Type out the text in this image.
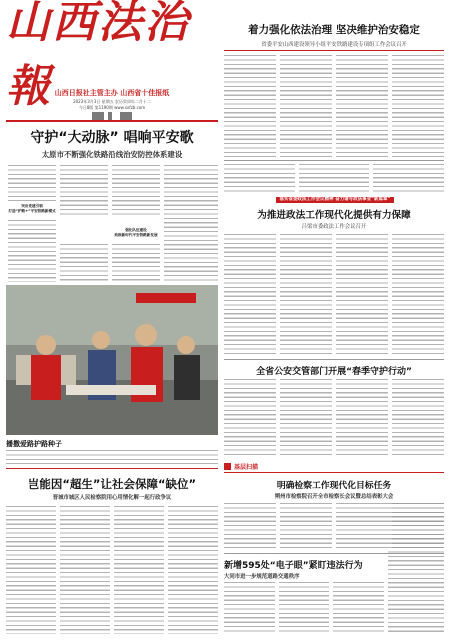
山西法治報 山西日报社主管主办 山西省十佳报纸
2023年3月3日 星期五 农历癸卯年二月十二
今日8版 第1190期 www.sxfzb.com
着力强化依法治理 坚决维护治安稳定
省委平安山西建设领导小组平安铁路建设专项组工作会议召开
守护“大动脉” 唱响平安歌
太原市不断强化铁路沿线治安防控体系建设
突出党建引领
打造“护路+”平安铁路新模式
强化队伍建设
助推新时代平安铁路新发展
播撒爱路护路种子
落实省委政法工作会议精神 奋力谱写政法事业“新篇章”
为推进政法工作现代化提供有力保障
吕梁市委政法工作会议召开
全省公安交管部门开展“春季守护行动”
基层扫描
岂能因“超生”让社会保障“缺位”
晋城市城区人民检察院用心用情化解一起行政争议
明确检察工作现代化目标任务
朔州市检察院召开全市检察长会议暨总结表彰大会
新增595处“电子眼”紧盯违法行为
大同市进一步规范道路交通秩序
